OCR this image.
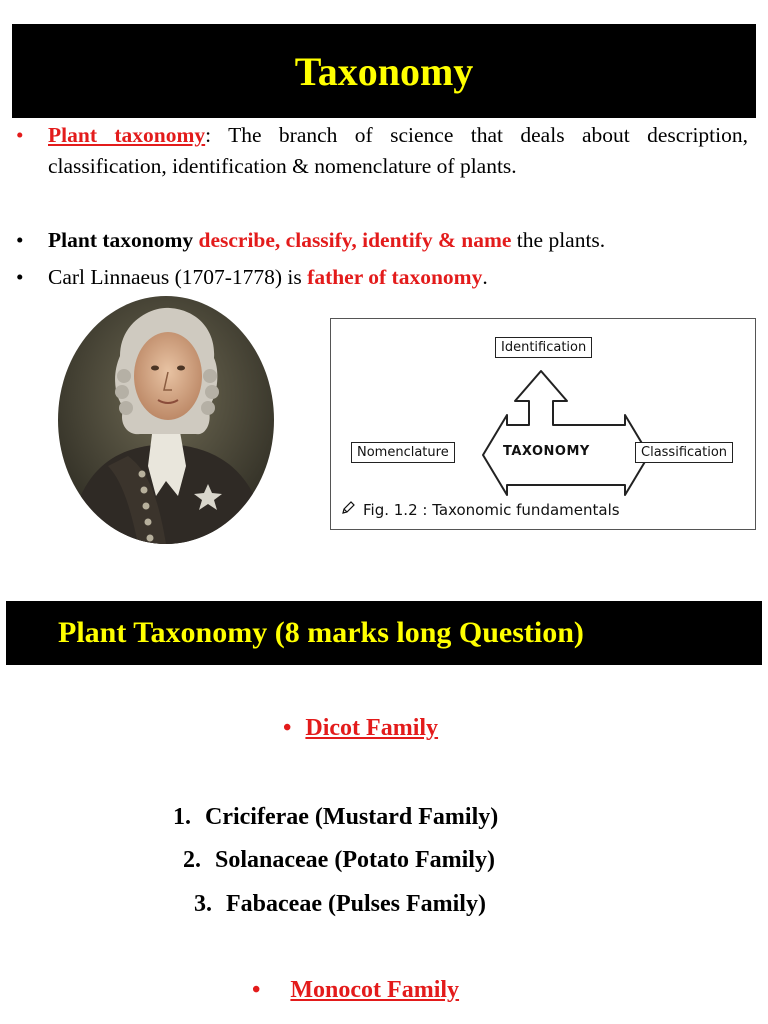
Taxonomy
• Plant taxonomy: The branch of science that deals about description, classification, identification & nomenclature of plants.
• Plant taxonomy describe, classify, identify & name the plants.
• Carl Linnaeus (1707-1778) is father of taxonomy.
Identification
Nomenclature	TAXONOMY	Classification
Fig. 1.2 : Taxonomic fundamentals
Plant Taxonomy (8 marks long Question)
• Dicot Family
1. Criciferae (Mustard Family)
2. Solanaceae (Potato Family)
3. Fabaceae (Pulses Family)
• Monocot Family
